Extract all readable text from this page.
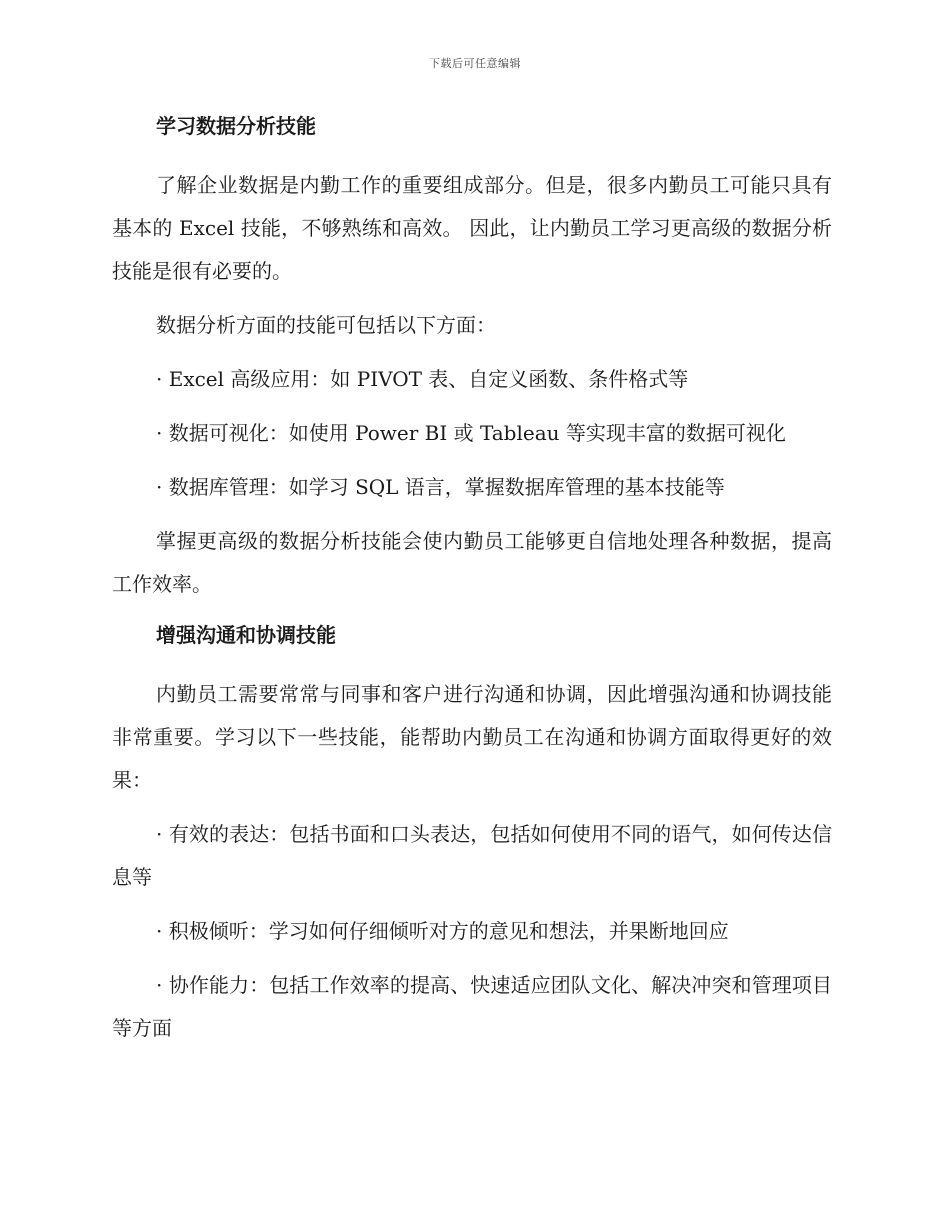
下载后可任意编辑
学习数据分析技能

了解企业数据是内勤工作的重要组成部分。但是，很多内勤员工可能只具有基本的 Excel 技能，不够熟练和高效。 因此，让内勤员工学习更高级的数据分析技能是很有必要的。

数据分析方面的技能可包括以下方面：

· Excel 高级应用：如 PIVOT 表、自定义函数、条件格式等

· 数据可视化：如使用 Power BI 或 Tableau 等实现丰富的数据可视化

· 数据库管理：如学习 SQL 语言，掌握数据库管理的基本技能等

掌握更高级的数据分析技能会使内勤员工能够更自信地处理各种数据，提高工作效率。

增强沟通和协调技能

内勤员工需要常常与同事和客户进行沟通和协调，因此增强沟通和协调技能非常重要。学习以下一些技能，能帮助内勤员工在沟通和协调方面取得更好的效果：

· 有效的表达：包括书面和口头表达，包括如何使用不同的语气，如何传达信息等

· 积极倾听：学习如何仔细倾听对方的意见和想法，并果断地回应

· 协作能力：包括工作效率的提高、快速适应团队文化、解决冲突和管理项目等方面
